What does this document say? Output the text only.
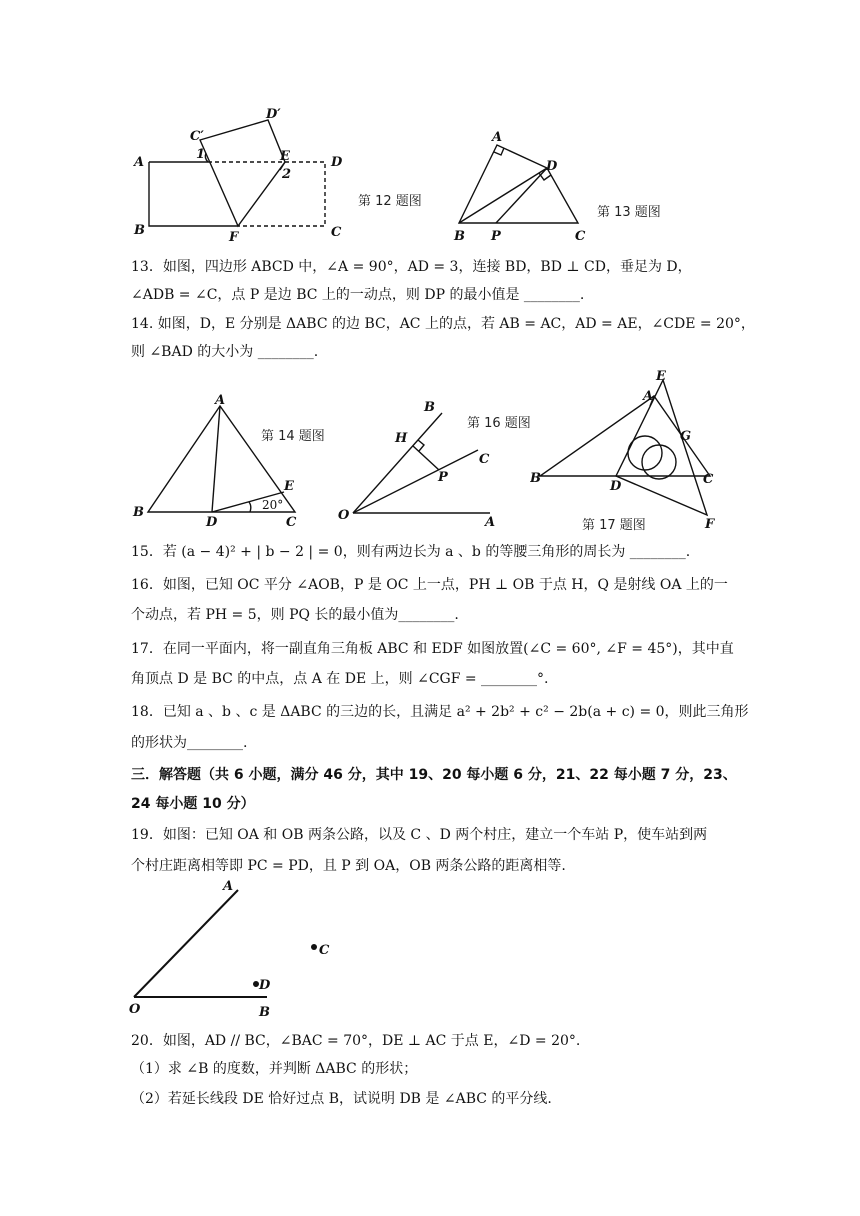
A
B	C
D
E
F
C′
D′
1
2
第 12 题图
A
B	C
D
P
第 13 题图
13．如图，四边形 ABCD 中，∠A = 90°，AD = 3，连接 BD，BD ⊥ CD，垂足为 D，
∠ADB = ∠C，点 P 是边 BC 上的一动点，则 DP 的最小值是 ________.
14. 如图，D，E 分别是 ΔABC 的边 BC，AC 上的点，若 AB = AC，AD = AE，∠CDE = 20°，
则 ∠BAD 的大小为 ________.
A
B
C
D
E
20°
第 14 题图
O	A
B
C
H
P
第 16 题图
A
B	C
D
E
F
G
第 17 题图
15．若 (a − 4)² + | b − 2 | = 0，则有两边长为 a 、b 的等腰三角形的周长为 ________.
16．如图，已知 OC 平分 ∠AOB，P 是 OC 上一点，PH ⊥ OB 于点 H，Q 是射线 OA 上的一
个动点，若 PH = 5，则 PQ 长的最小值为________.
17．在同一平面内，将一副直角三角板 ABC 和 EDF 如图放置(∠C = 60°, ∠F = 45°)，其中直
角顶点 D 是 BC 的中点，点 A 在 DE 上，则 ∠CGF = ________°.
18．已知 a 、b 、c 是 ΔABC 的三边的长，且满足 a² + 2b² + c² − 2b(a + c) = 0，则此三角形
的形状为________.
三．解答题（共 6 小题，满分 46 分，其中 19、20 每小题 6 分，21、22 每小题 7 分，23、
24 每小题 10 分）
19．如图：已知 OA 和 OB 两条公路，以及 C 、D 两个村庄，建立一个车站 P，使车站到两
个村庄距离相等即 PC = PD，且 P 到 OA，OB 两条公路的距离相等.
A
O	B
C
D
20．如图，AD // BC，∠BAC = 70°，DE ⊥ AC 于点 E，∠D = 20°.
（1）求 ∠B 的度数，并判断 ΔABC 的形状；
（2）若延长线段 DE 恰好过点 B，试说明 DB 是 ∠ABC 的平分线.
